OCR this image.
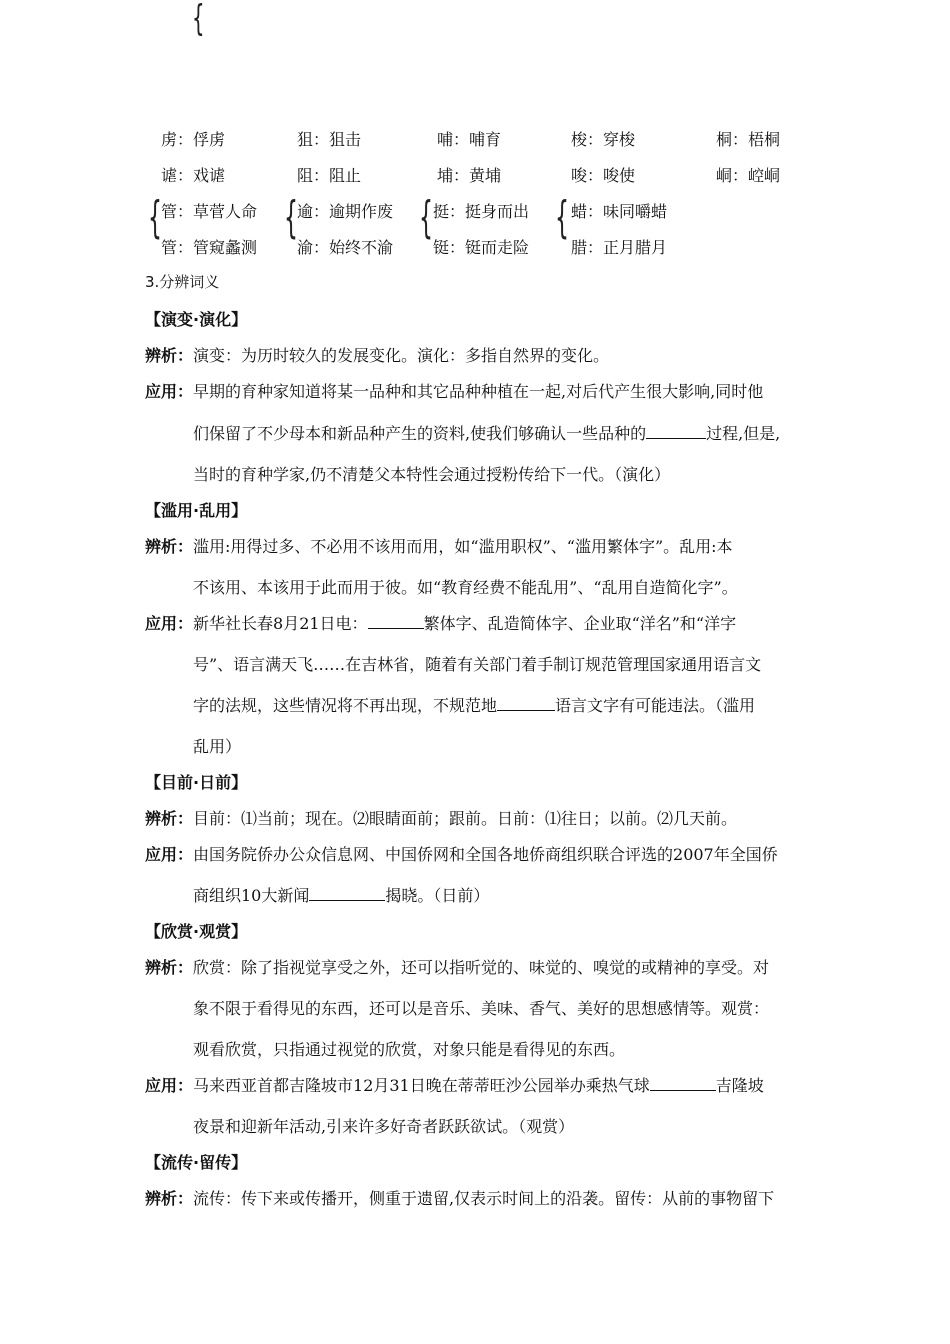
{
虏：俘虏	狙：狙击	哺：哺育	梭：穿梭	桐：梧桐
谑：戏谑	阻：阻止	埔：黄埔	唆：唆使	峒：崆峒
{	{	{	{
管：草菅人命 逾：逾期作废 挺：挺身而出	蜡：味同嚼蜡
管：管窥蠡测 渝：始终不渝 铤：铤而走险	腊：正月腊月
3.分辨词义
【演变·演化】
辨析：演变：为历时较久的发展变化。演化：多指自然界的变化。
应用：早期的育种家知道将某一品种和其它品种种植在一起,对后代产生很大影响,同时他
们保留了不少母本和新品种产生的资料,使我们够确认一些品种的	过程,但是,
当时的育种学家,仍不清楚父本特性会通过授粉传给下一代。（演化）
【滥用·乱用】
辨析：滥用:用得过多、不必用不该用而用，如“滥用职权”、“滥用繁体字”。乱用:本
不该用、本该用于此而用于彼。如“教育经费不能乱用”、“乱用自造简化字”。
应用：新华社长春8月21日电：	繁体字、乱造简体字、企业取“洋名”和“洋字
号”、语言满天飞……在吉林省，随着有关部门着手制订规范管理国家通用语言文
字的法规，这些情况将不再出现，不规范地	语言文字有可能违法。（滥用
乱用）
【目前·日前】
辨析：目前：⑴当前；现在。⑵眼睛面前；跟前。日前：⑴往日；以前。⑵几天前。
应用：由国务院侨办公众信息网、中国侨网和全国各地侨商组织联合评选的2007年全国侨
商组织10大新闻	揭晓。（日前）
【欣赏·观赏】
辨析：欣赏：除了指视觉享受之外，还可以指听觉的、味觉的、嗅觉的或精神的享受。对
象不限于看得见的东西，还可以是音乐、美味、香气、美好的思想感情等。观赏：
观看欣赏，只指通过视觉的欣赏，对象只能是看得见的东西。
应用：马来西亚首都吉隆坡市12月31日晚在蒂蒂旺沙公园举办乘热气球	吉隆坡
夜景和迎新年活动,引来许多好奇者跃跃欲试。（观赏）
【流传·留传】
辨析：流传：传下来或传播开，侧重于遗留,仅表示时间上的沿袭。留传：从前的事物留下
